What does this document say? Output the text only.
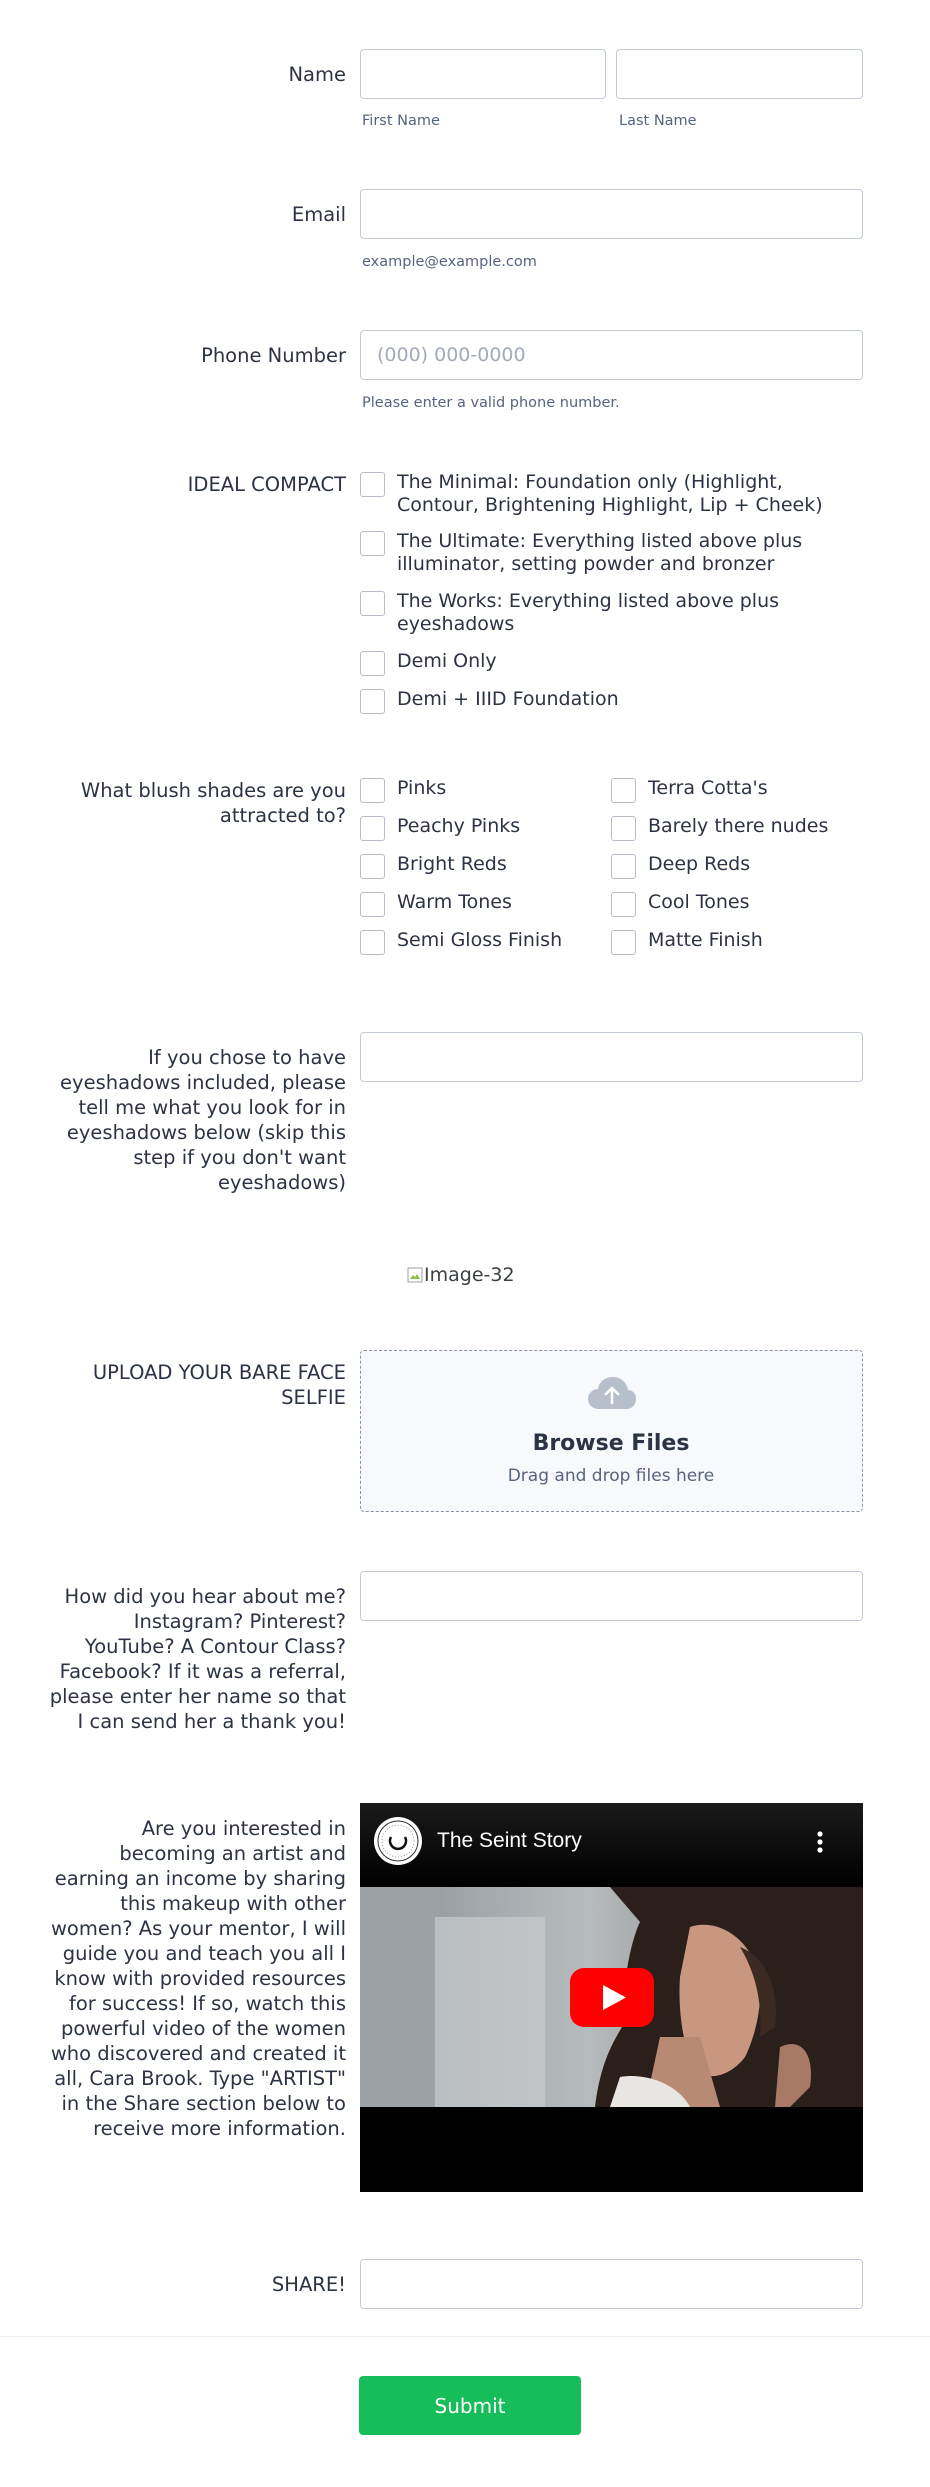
Name
First Name	Last Name
Email
example@example.com
Phone Number
(000) 000-0000
Please enter a valid phone number.
IDEAL COMPACT	The Minimal: Foundation only (Highlight, Contour, Brightening Highlight, Lip + Cheek)
The Ultimate: Everything listed above plus illuminator, setting powder and bronzer
The Works: Everything listed above plus eyeshadows
Demi Only
Demi + IIID Foundation
What blush shades are you attracted to?
Pinks
Peachy Pinks
Bright Reds
Warm Tones
Semi Gloss Finish
Terra Cotta's
Barely there nudes
Deep Reds
Cool Tones
Matte Finish
If you chose to have eyeshadows included, please tell me what you look for in eyeshadows below (skip this step if you don't want eyeshadows)
Image-32
UPLOAD YOUR BARE FACE SELFIE
Browse Files
Drag and drop files here
How did you hear about me? Instagram? Pinterest? YouTube? A Contour Class? Facebook? If it was a referral, please enter her name so that I can send her a thank you!
Are you interested in becoming an artist and earning an income by sharing this makeup with other women? As your mentor, I will guide you and teach you all I know with provided resources for success! If so, watch this powerful video of the women who discovered and created it all, Cara Brook. Type "ARTIST" in the Share section below to receive more information.
The Seint Story
SHARE!
Submit
